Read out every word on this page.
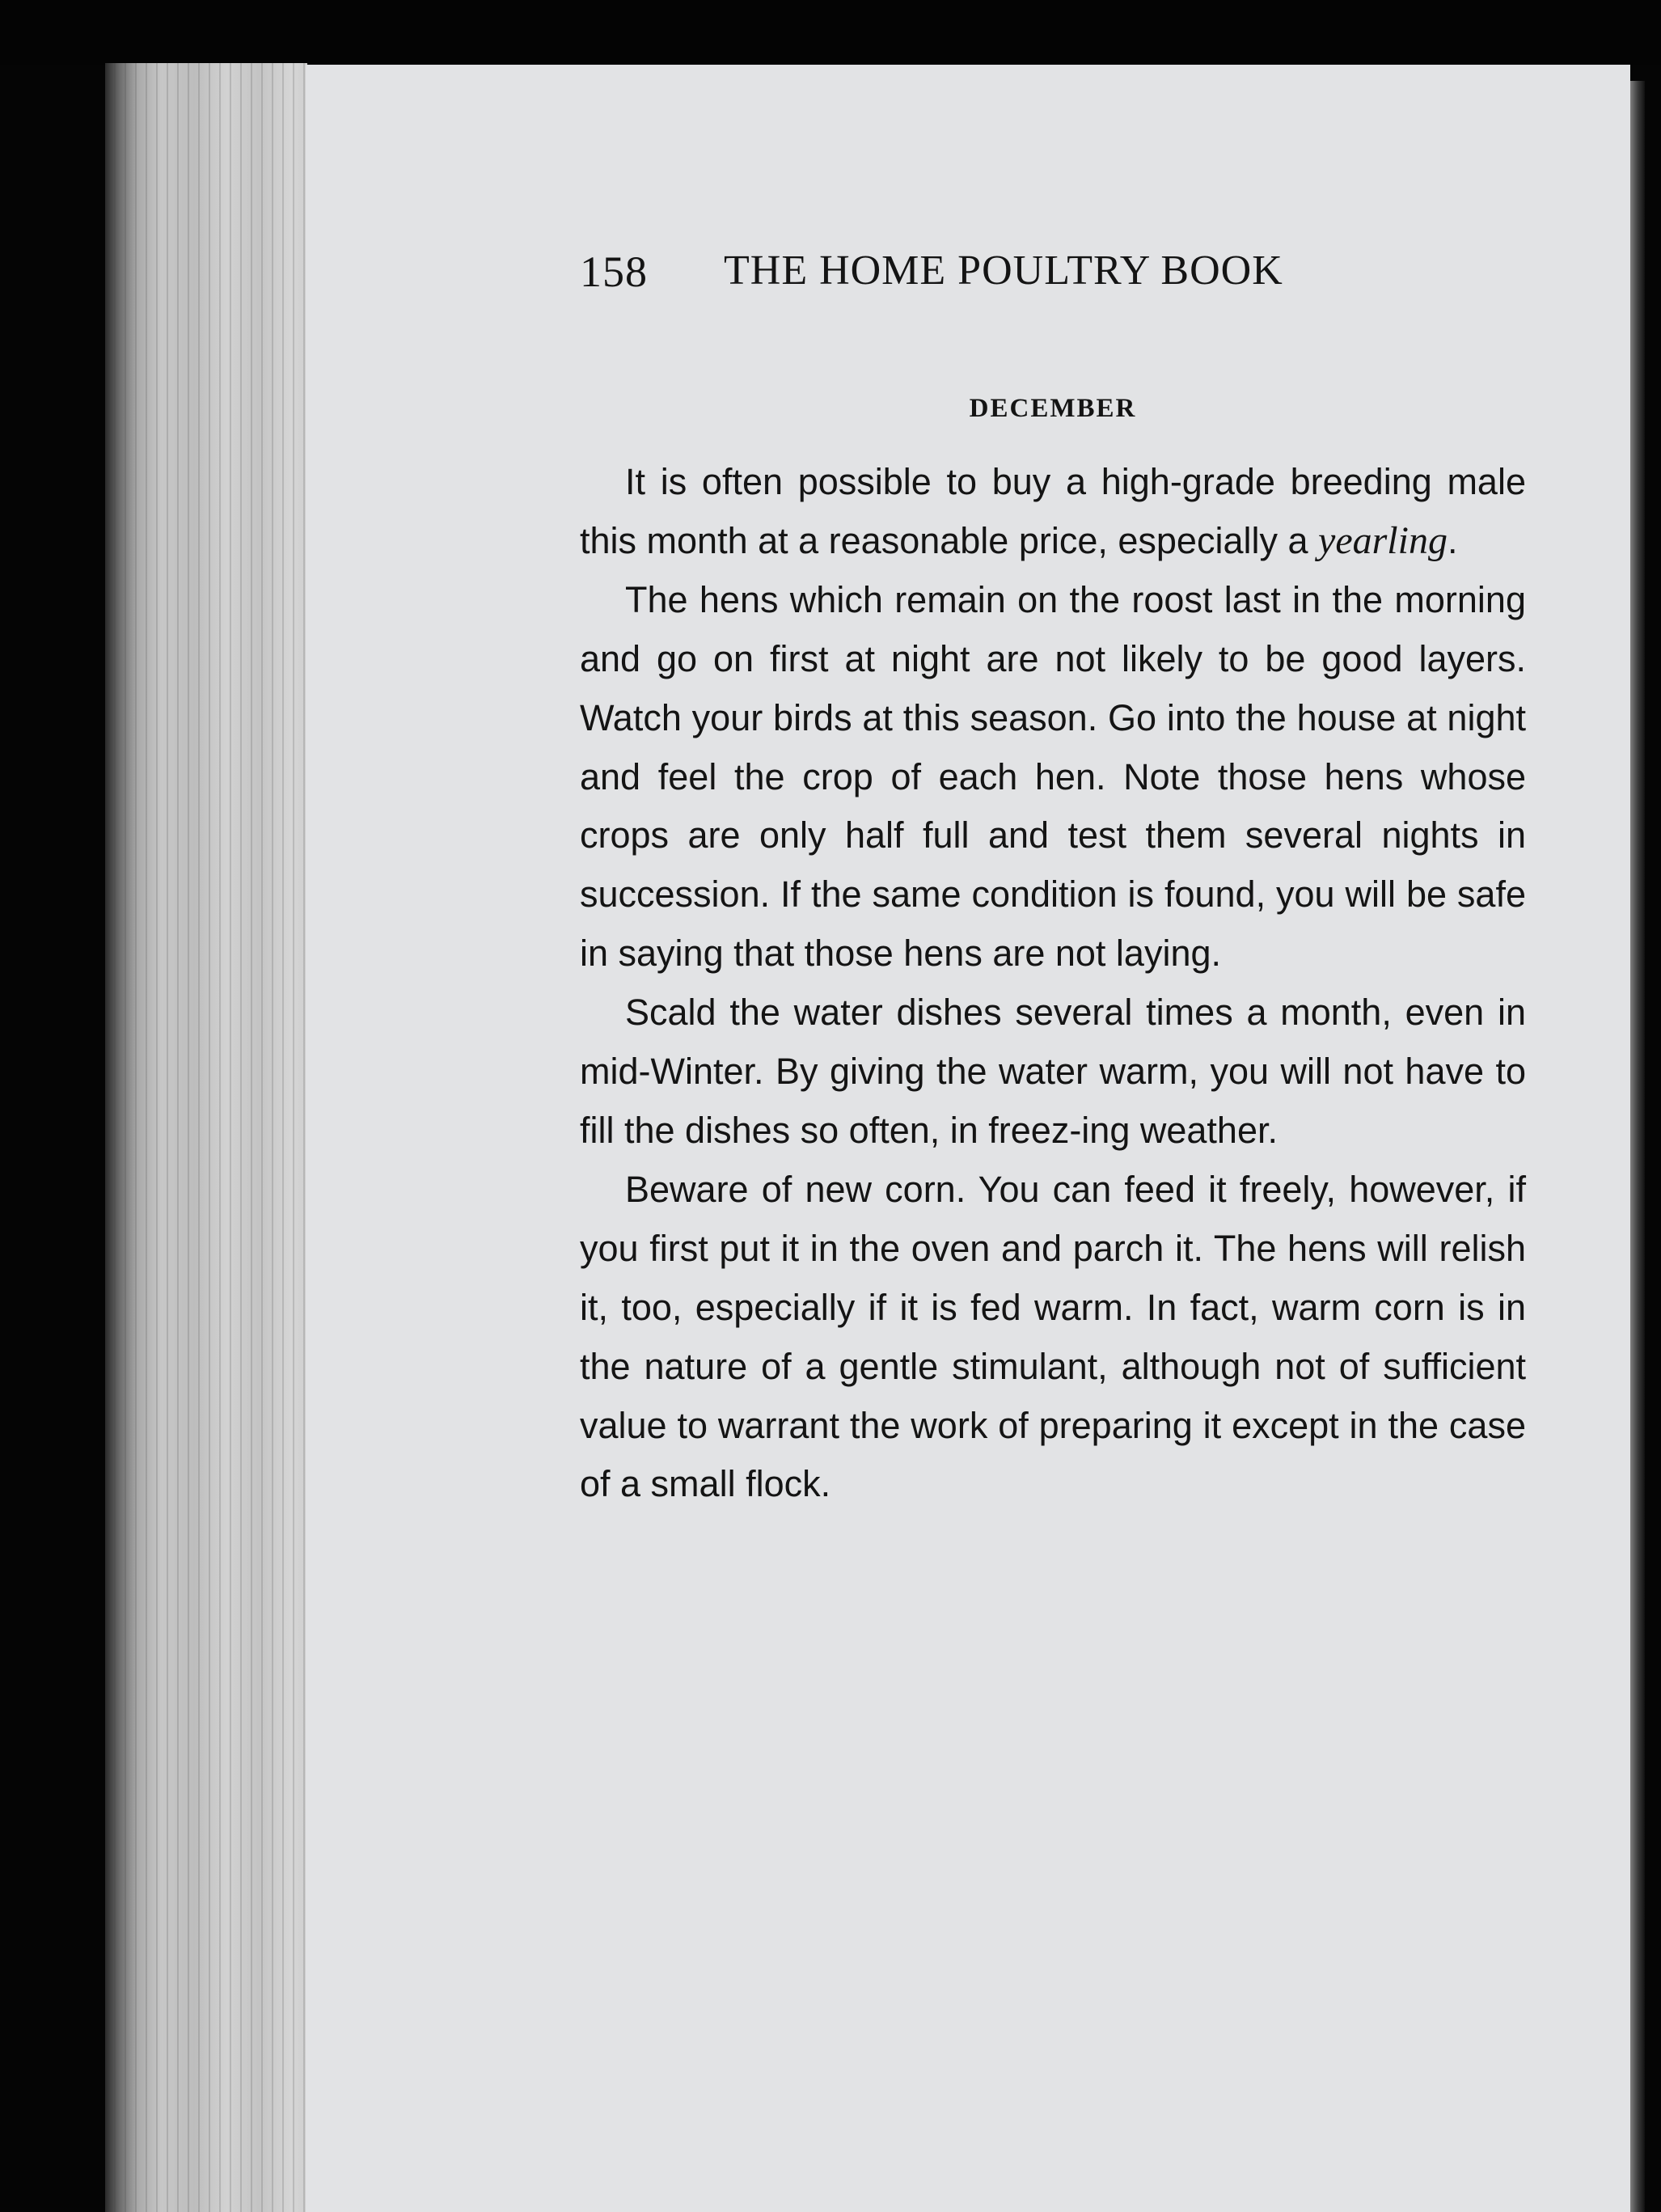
158 THE HOME POULTRY BOOK
DECEMBER

It is often possible to buy a high-grade breeding male this month at a reasonable price, especially a yearling.

The hens which remain on the roost last in the morning and go on first at night are not likely to be good layers. Watch your birds at this season. Go into the house at night and feel the crop of each hen. Note those hens whose crops are only half full and test them several nights in succession. If the same condition is found, you will be safe in saying that those hens are not laying.

Scald the water dishes several times a month, even in mid-Winter. By giving the water warm, you will not have to fill the dishes so often, in freez-ing weather.

Beware of new corn. You can feed it freely, however, if you first put it in the oven and parch it. The hens will relish it, too, especially if it is fed warm. In fact, warm corn is in the nature of a gentle stimulant, although not of sufficient value to warrant the work of preparing it except in the case of a small flock.
